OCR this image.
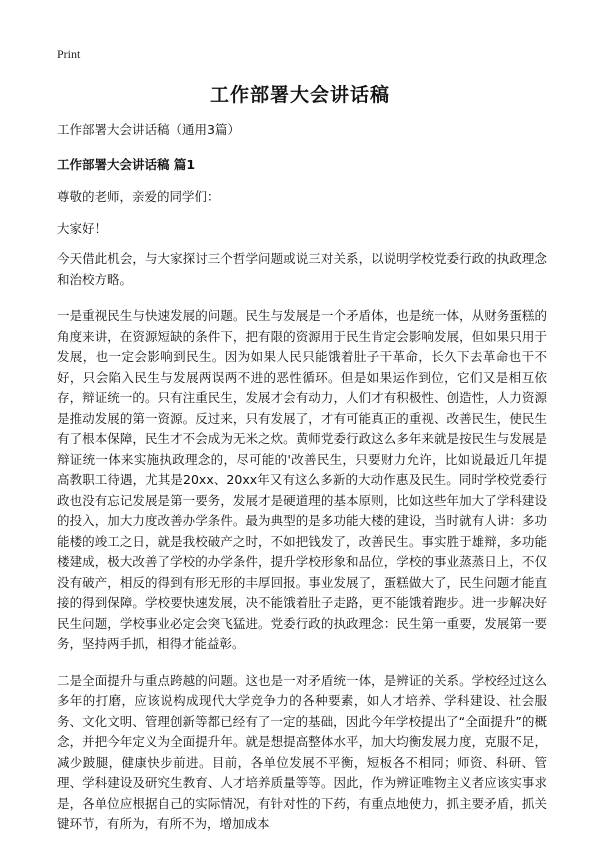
Print
工作部署大会讲话稿

工作部署大会讲话稿（通用3篇）

工作部署大会讲话稿 篇1

尊敬的老师，亲爱的同学们：

大家好！

今天借此机会，与大家探讨三个哲学问题或说三对关系，以说明学校党委行政的执政理念和治校方略。

一是重视民生与快速发展的问题。民生与发展是一个矛盾体，也是统一体，从财务蛋糕的角度来讲，在资源短缺的条件下，把有限的资源用于民生肯定会影响发展，但如果只用于发展，也一定会影响到民生。因为如果人民只能饿着肚子干革命，长久下去革命也干不好，只会陷入民生与发展两误两不进的恶性循环。但是如果运作到位，它们又是相互依存，辩证统一的。只有注重民生，发展才会有动力，人们才有积极性、创造性，人力资源是推动发展的第一资源。反过来，只有发展了，才有可能真正的重视、改善民生，使民生有了根本保障，民生才不会成为无米之炊。黄师党委行政这么多年来就是按民生与发展是辩证统一体来实施执政理念的，尽可能的'改善民生，只要财力允许，比如说最近几年提高教职工待遇，尤其是20xx、20xx年又有这么多新的大动作惠及民生。同时学校党委行政也没有忘记发展是第一要务，发展才是硬道理的基本原则，比如这些年加大了学科建设的投入，加大力度改善办学条件。最为典型的是多功能大楼的建设，当时就有人讲：多功能楼的竣工之日，就是我校破产之时，不如把钱发了，改善民生。事实胜于雄辩，多功能楼建成，极大改善了学校的办学条件，提升学校形象和品位，学校的事业蒸蒸日上，不仅没有破产，相反的得到有形无形的丰厚回报。事业发展了，蛋糕做大了，民生问题才能直接的得到保障。学校要快速发展，决不能饿着肚子走路，更不能饿着跑步。进一步解决好民生问题，学校事业必定会突飞猛进。党委行政的执政理念：民生第一重要，发展第一要务，坚持两手抓，相得才能益彰。

二是全面提升与重点跨越的问题。这也是一对矛盾统一体，是辨证的关系。学校经过这么多年的打磨，应该说构成现代大学竞争力的各种要素，如人才培养、学科建设、社会服务、文化文明、管理创新等都已经有了一定的基础，因此今年学校提出了“全面提升”的概念，并把今年定义为全面提升年。就是想提高整体水平，加大均衡发展力度，克服不足，减少跛腿，健康快步前进。目前，各单位发展不平衡，短板各不相同；师资、科研、管理、学科建设及研究生教育、人才培养质量等等。因此，作为辨证唯物主义者应该实事求是，各单位应根据自己的实际情况，有针对性的下药，有重点地使力，抓主要矛盾，抓关键环节，有所为，有所不为，增加成本
